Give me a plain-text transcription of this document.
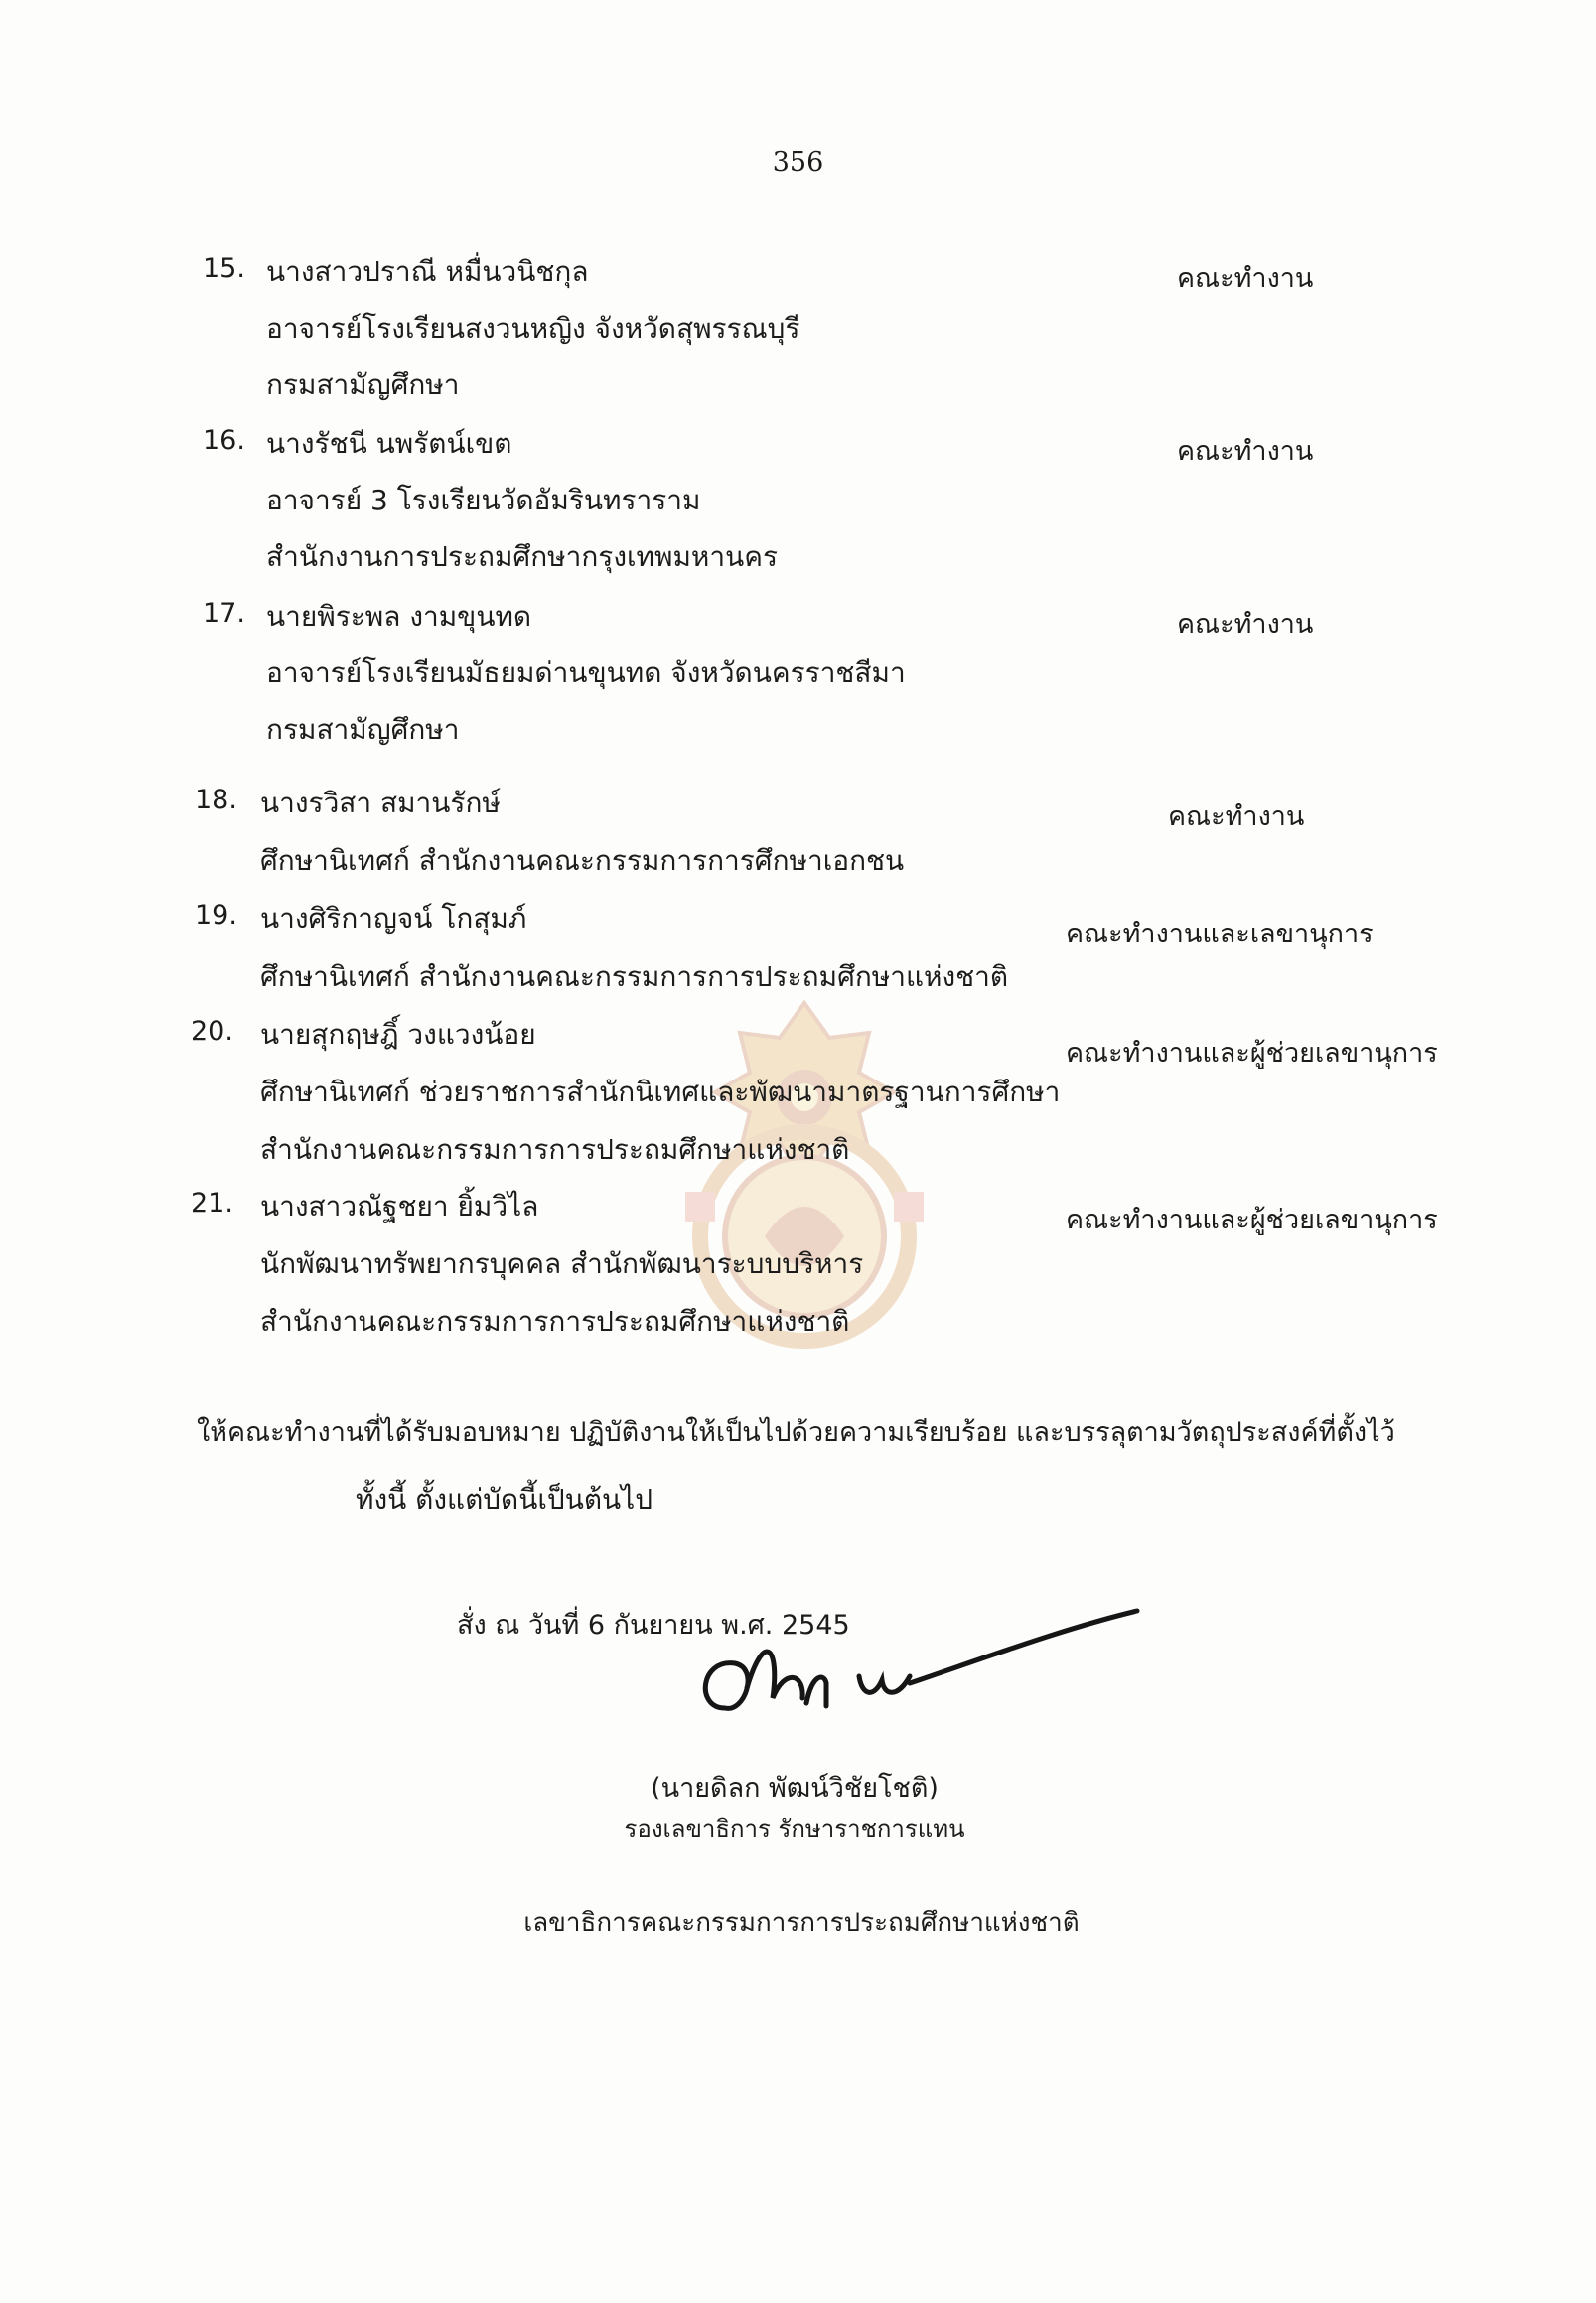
356
15. นางสาวปราณี หมื่นวนิชกุล
อาจารย์โรงเรียนสงวนหญิง จังหวัดสุพรรณบุรี
กรมสามัญศึกษา
คณะทำงาน
16. นางรัชนี นพรัตน์เขต
อาจารย์ 3 โรงเรียนวัดอัมรินทราราม
สำนักงานการประถมศึกษากรุงเทพมหานคร
คณะทำงาน
17. นายพิระพล งามขุนทด
อาจารย์โรงเรียนมัธยมด่านขุนทด จังหวัดนครราชสีมา
กรมสามัญศึกษา
คณะทำงาน
18. นางรวิสา สมานรักษ์
ศึกษานิเทศก์ สำนักงานคณะกรรมการการศึกษาเอกชน
คณะทำงาน
19. นางศิริกาญจน์ โกสุมภ์
ศึกษานิเทศก์ สำนักงานคณะกรรมการการประถมศึกษาแห่งชาติ
คณะทำงานและเลขานุการ
20. นายสุกฤษฎิ์ วงแวงน้อย
ศึกษานิเทศก์ ช่วยราชการสำนักนิเทศและพัฒนามาตรฐานการศึกษา
สำนักงานคณะกรรมการการประถมศึกษาแห่งชาติ
คณะทำงานและผู้ช่วยเลขานุการ
21. นางสาวณัฐชยา ยิ้มวิไล
นักพัฒนาทรัพยากรบุคคล สำนักพัฒนาระบบบริหาร
สำนักงานคณะกรรมการการประถมศึกษาแห่งชาติ
คณะทำงานและผู้ช่วยเลขานุการ
ให้คณะทำงานที่ได้รับมอบหมาย ปฏิบัติงานให้เป็นไปด้วยความเรียบร้อย และบรรลุตามวัตถุประสงค์ที่ตั้งไว้
ทั้งนี้ ตั้งแต่บัดนี้เป็นต้นไป
สั่ง ณ วันที่ 6 กันยายน พ.ศ. 2545
(นายดิลก พัฒน์วิชัยโชติ)
รองเลขาธิการ รักษาราชการแทน
เลขาธิการคณะกรรมการการประถมศึกษาแห่งชาติ
